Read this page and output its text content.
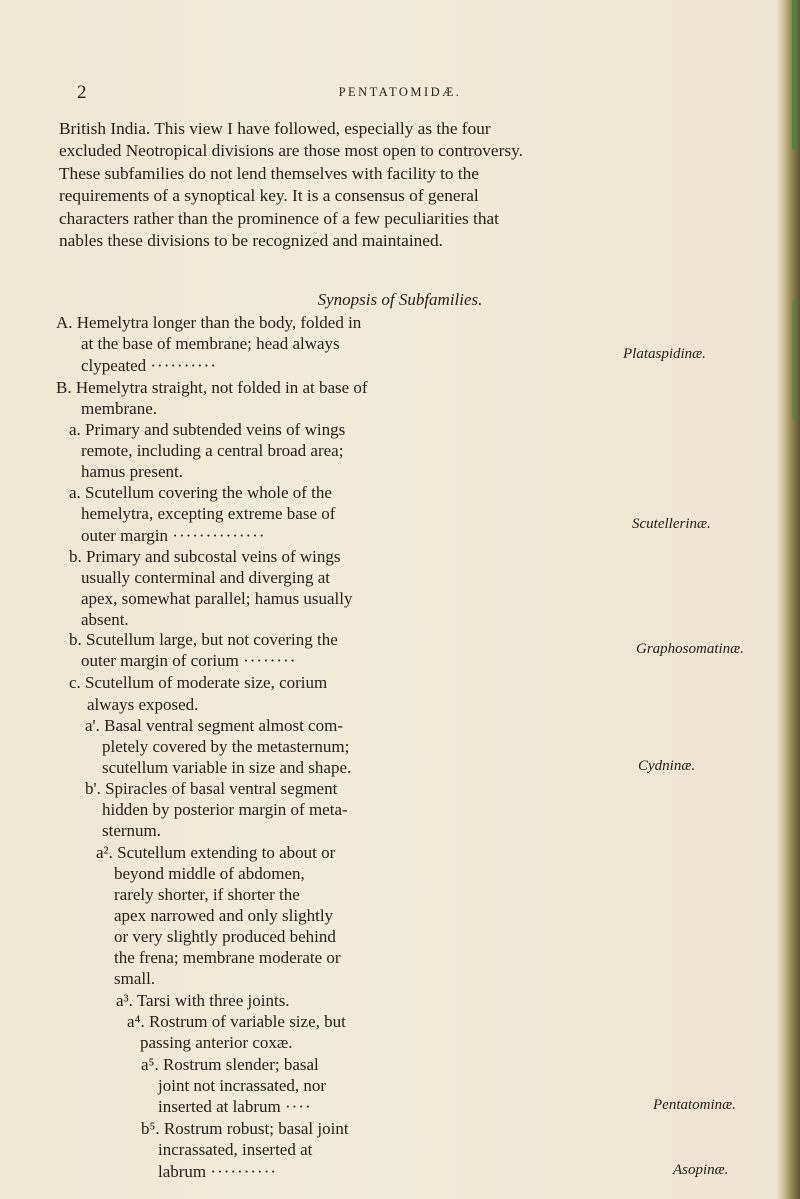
2	PENTATOMIDÆ.
British India. This view I have followed, especially as the four
excluded Neotropical divisions are those most open to controversy.
These subfamilies do not lend themselves with facility to the
requirements of a synoptical key. It is a consensus of general
characters rather than the prominence of a few peculiarities that
nables these divisions to be recognized and maintained.
Synopsis of Subfamilies.
A. Hemelytra longer than the body, folded in
at the base of membrane; head always
clypeated ··········
B. Hemelytra straight, not folded in at base of
membrane.
a. Primary and subtended veins of wings
remote, including a central broad area;
hamus present.
a. Scutellum covering the whole of the
hemelytra, excepting extreme base of
outer margin ··············
b. Primary and subcostal veins of wings
usually conterminal and diverging at
apex, somewhat parallel; hamus usually
absent.
b. Scutellum large, but not covering the
outer margin of corium ········
c. Scutellum of moderate size, corium
always exposed.
a'. Basal ventral segment almost com-
pletely covered by the metasternum;
scutellum variable in size and shape.
b'. Spiracles of basal ventral segment
hidden by posterior margin of meta-
sternum.
a². Scutellum extending to about or
beyond middle of abdomen,
rarely shorter, if shorter the
apex narrowed and only slightly
or very slightly produced behind
the frena; membrane moderate or
small.
a³. Tarsi with three joints.
a⁴. Rostrum of variable size, but
passing anterior coxæ.
a⁵. Rostrum slender; basal
joint not incrassated, nor
inserted at labrum ····
b⁵. Rostrum robust; basal joint
incrassated, inserted at
labrum ··········
Plataspidinæ.
Scutellerinæ.
Graphosomatinæ.
Cydninæ.
Pentatominæ.
Asopinæ.
